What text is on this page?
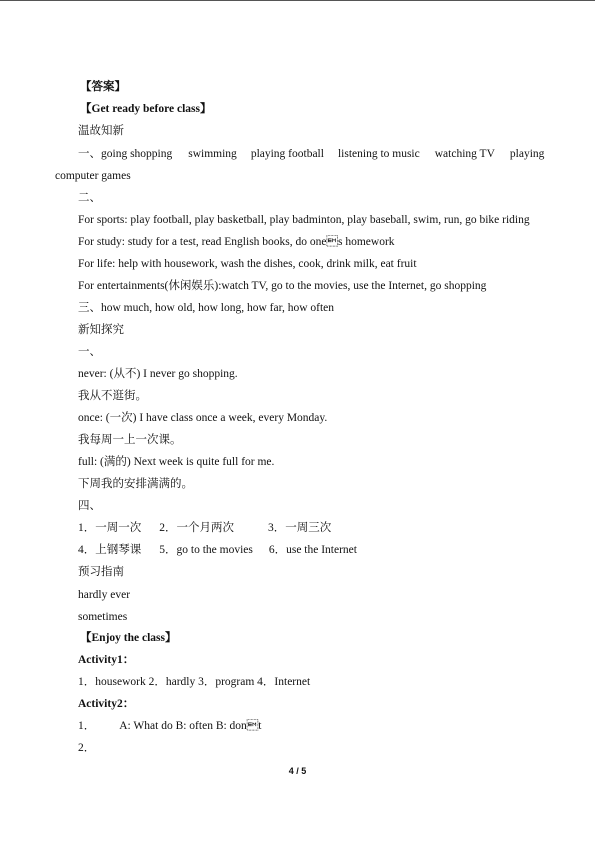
【答案】
【Get ready before class】
温故知新
一、going shopping swimming playing football listening to music watching TV playing
computer games
二、
For sports: play football, play basketball, play badminton, play baseball, swim, run, go bike riding
For study: study for a test, read English books, do ones homework
For life: help with housework, wash the dishes, cook, drink milk, eat fruit
For entertainments(休闲娱乐):watch TV, go to the movies, use the Internet, go shopping
三、how much, how old, how long, how far, how often
新知探究
一、
never: (从不) I never go shopping.
我从不逛街。
once: (一次) I have class once a week, every Monday.
我每周一上一次课。
full: (满的) Next week is quite full for me.
下周我的安排满满的。
四、
1．一周一次 2．一个月两次	3．一周三次
4．上钢琴课 5．go to the movies 6．use the Internet
预习指南
hardly ever
sometimes
【Enjoy the class】
Activity1：
1．housework 2．hardly 3．program 4．Internet
Activity2：
1． A: What do B: often B: dont
2．
4 / 5
